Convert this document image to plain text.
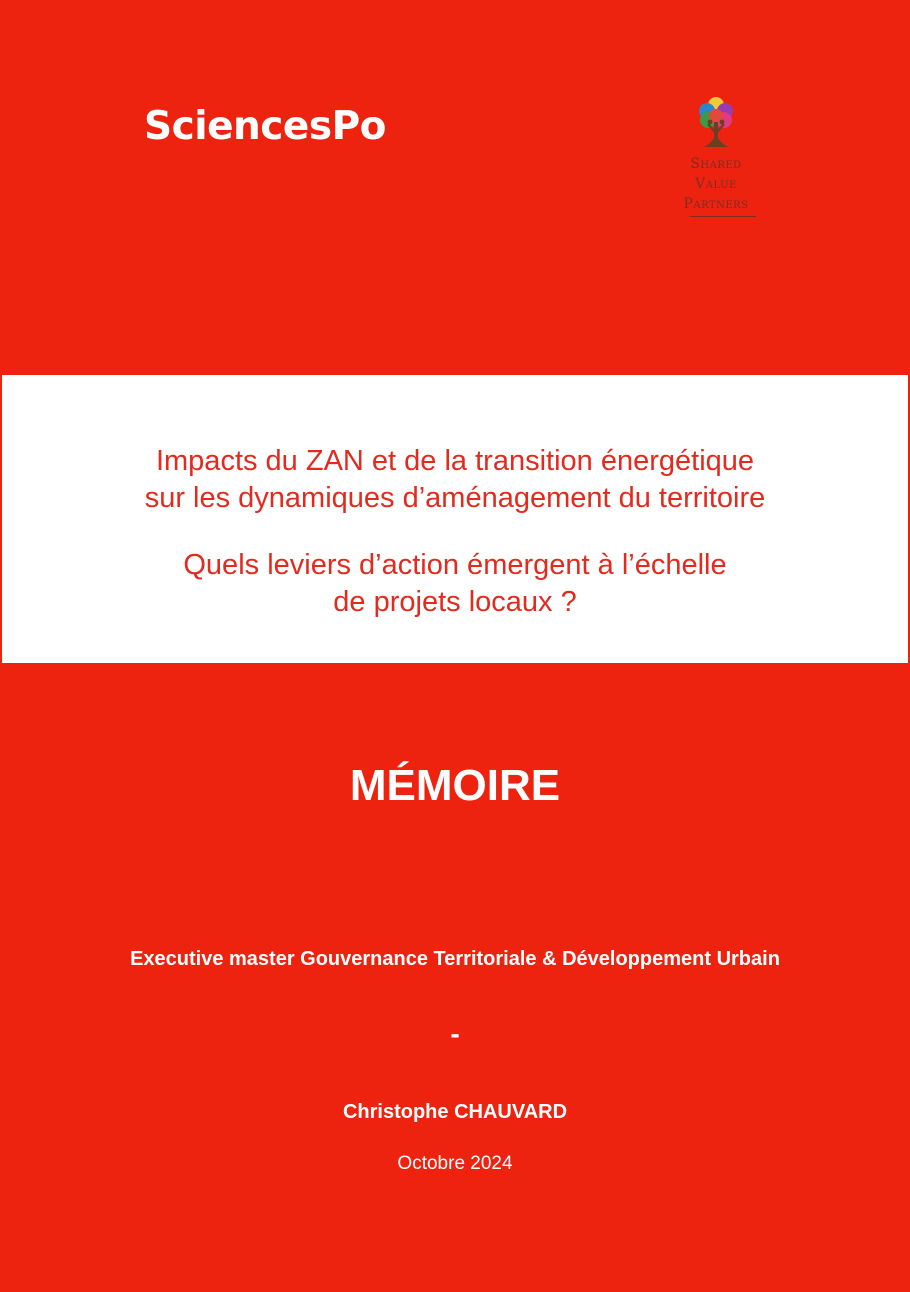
SciencesPo
Shared
Value
Partners
Impacts du ZAN et de la transition énergétique
sur les dynamiques d’aménagement du territoire
Quels leviers d’action émergent à l’échelle
de projets locaux ?
MÉMOIRE
Executive master Gouvernance Territoriale & Développement Urbain
-
Christophe CHAUVARD
Octobre 2024
